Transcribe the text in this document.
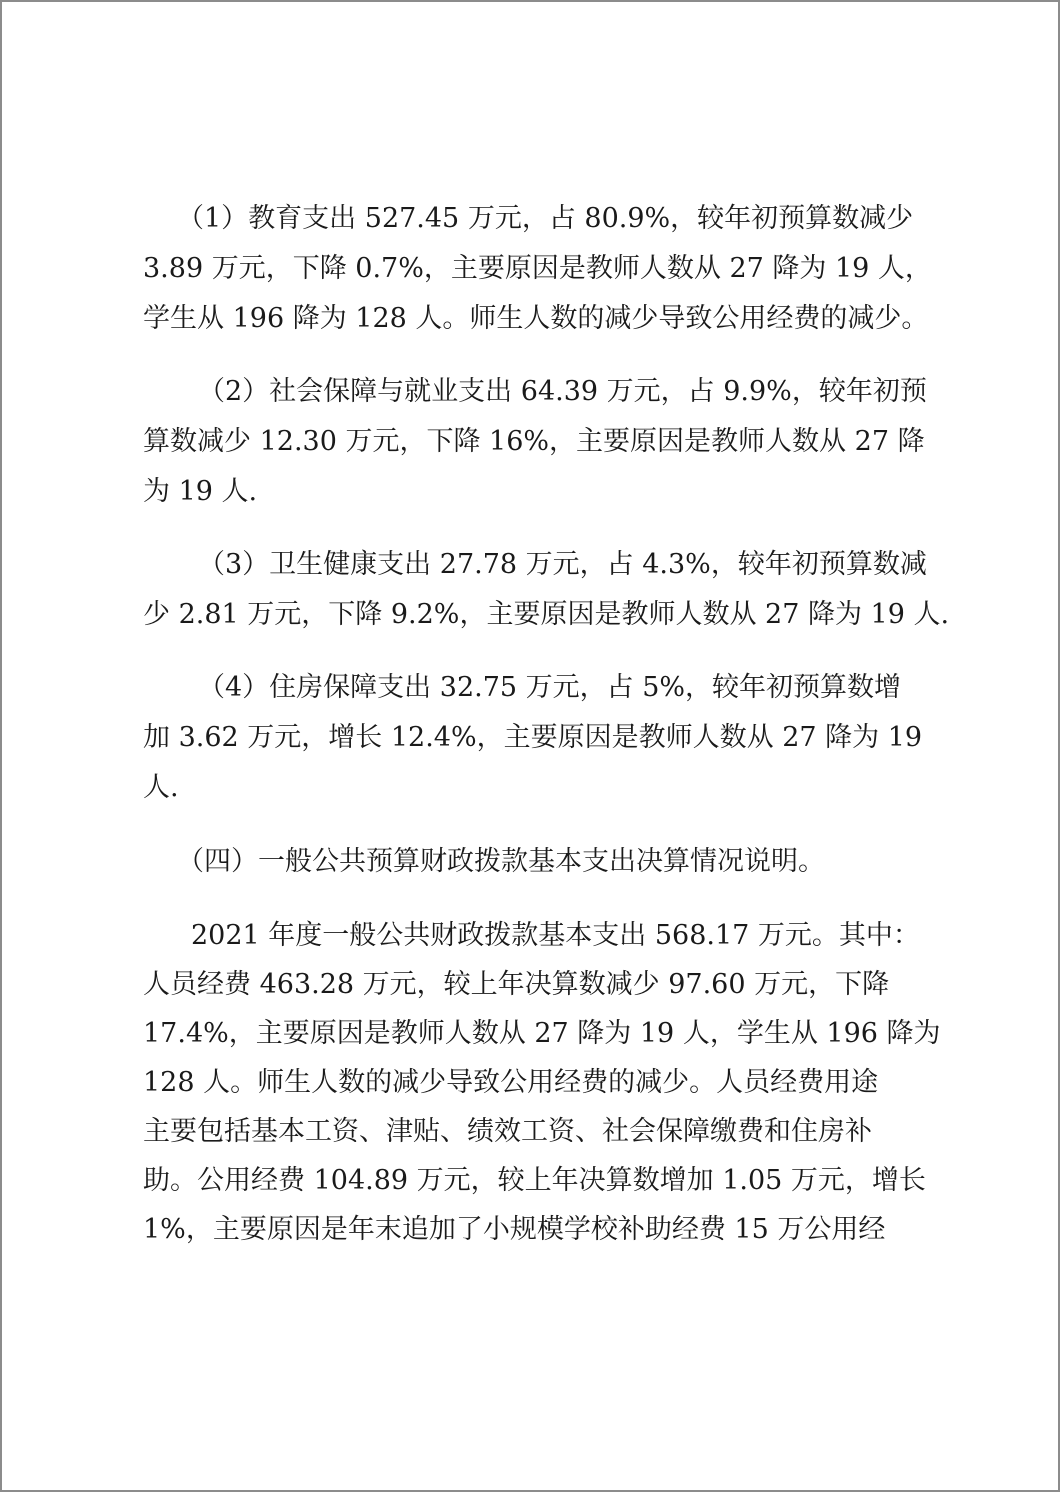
（1）教育支出 527.45 万元，占 80.9%，较年初预算数减少
3.89 万元，下降 0.7%，主要原因是教师人数从 27 降为 19 人，
学生从 196 降为 128 人。师生人数的减少导致公用经费的减少。
（2）社会保障与就业支出 64.39 万元，占 9.9%，较年初预
算数减少 12.30 万元，下降 16%，主要原因是教师人数从 27 降
为 19 人.
（3）卫生健康支出 27.78 万元，占 4.3%，较年初预算数减
少 2.81 万元，下降 9.2%，主要原因是教师人数从 27 降为 19 人.
（4）住房保障支出 32.75 万元，占 5%，较年初预算数增
加 3.62 万元，增长 12.4%，主要原因是教师人数从 27 降为 19
人.
（四）一般公共预算财政拨款基本支出决算情况说明。
2021 年度一般公共财政拨款基本支出 568.17 万元。其中：
人员经费 463.28 万元，较上年决算数减少 97.60 万元，下降
17.4%，主要原因是教师人数从 27 降为 19 人，学生从 196 降为
128 人。师生人数的减少导致公用经费的减少。人员经费用途
主要包括基本工资、津贴、绩效工资、社会保障缴费和住房补
助。公用经费 104.89 万元，较上年决算数增加 1.05 万元，增长
1%，主要原因是年末追加了小规模学校补助经费 15 万公用经
